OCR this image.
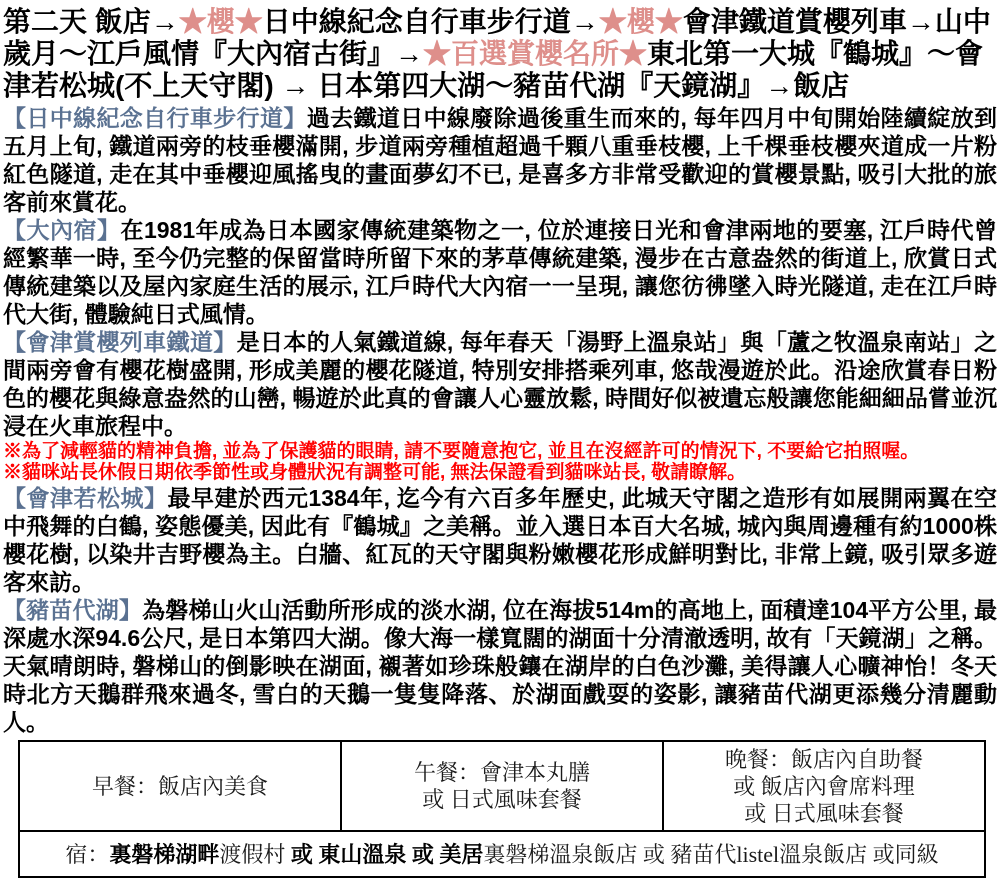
第二天 飯店→★櫻★日中線紀念自行車步行道→★櫻★會津鐵道賞櫻列車→山中歲月～江戶風情『大內宿古街』→★百選賞櫻名所★東北第一大城『鶴城』～會津若松城(不上天守閣) → 日本第四大湖～豬苗代湖『天鏡湖』→飯店

【日中線紀念自行車步行道】過去鐵道日中線廢除過後重生而來的, 每年四月中旬開始陸續綻放到五月上旬, 鐵道兩旁的枝垂櫻滿開, 步道兩旁種植超過千顆八重垂枝櫻, 上千棵垂枝櫻夾道成一片粉紅色隧道, 走在其中垂櫻迎風搖曳的畫面夢幻不已, 是喜多方非常受歡迎的賞櫻景點, 吸引大批的旅客前來賞花。

【大內宿】在1981年成為日本國家傳統建築物之一, 位於連接日光和會津兩地的要塞, 江戶時代曾經繁華一時, 至今仍完整的保留當時所留下來的茅草傳統建築, 漫步在古意盎然的街道上, 欣賞日式傳統建築以及屋內家庭生活的展示, 江戶時代大內宿一一呈現, 讓您彷彿墜入時光隧道, 走在江戶時代大街, 體驗純日式風情。

【會津賞櫻列車鐵道】是日本的人氣鐵道線, 每年春天「湯野上溫泉站」與「蘆之牧溫泉南站」之間兩旁會有櫻花樹盛開, 形成美麗的櫻花隧道, 特別安排搭乘列車, 悠哉漫遊於此。沿途欣賞春日粉色的櫻花與綠意盎然的山巒, 暢遊於此真的會讓人心靈放鬆, 時間好似被遺忘般讓您能細細品嘗並沉浸在火車旅程中。

※為了減輕貓的精神負擔, 並為了保護貓的眼睛, 請不要隨意抱它, 並且在沒經許可的情況下, 不要給它拍照喔。
※貓咪站長休假日期依季節性或身體狀況有調整可能, 無法保證看到貓咪站長, 敬請瞭解。

【會津若松城】最早建於西元1384年, 迄今有六百多年歷史, 此城天守閣之造形有如展開兩翼在空中飛舞的白鶴, 姿態優美, 因此有『鶴城』之美稱。並入選日本百大名城, 城內與周邊種有約1000株櫻花樹, 以染井吉野櫻為主。白牆、紅瓦的天守閣與粉嫩櫻花形成鮮明對比, 非常上鏡, 吸引眾多遊客來訪。

【豬苗代湖】為磐梯山火山活動所形成的淡水湖, 位在海拔514m的高地上, 面積達104平方公里, 最深處水深94.6公尺, 是日本第四大湖。像大海一樣寬闊的湖面十分清澈透明, 故有「天鏡湖」之稱。天氣晴朗時, 磐梯山的倒影映在湖面, 襯著如珍珠般鑲在湖岸的白色沙灘, 美得讓人心曠神怡！冬天時北方天鵝群飛來過冬, 雪白的天鵝一隻隻降落、於湖面戲耍的姿影, 讓豬苗代湖更添幾分清麗動人。

早餐：飯店內美食

午餐：會津本丸膳
或 日式風味套餐

晚餐：飯店內自助餐
或 飯店內會席料理
或 日式風味套餐

宿：裏磐梯湖畔渡假村 或 東山溫泉 或 美居裏磐梯溫泉飯店 或 豬苗代listel溫泉飯店 或同級
